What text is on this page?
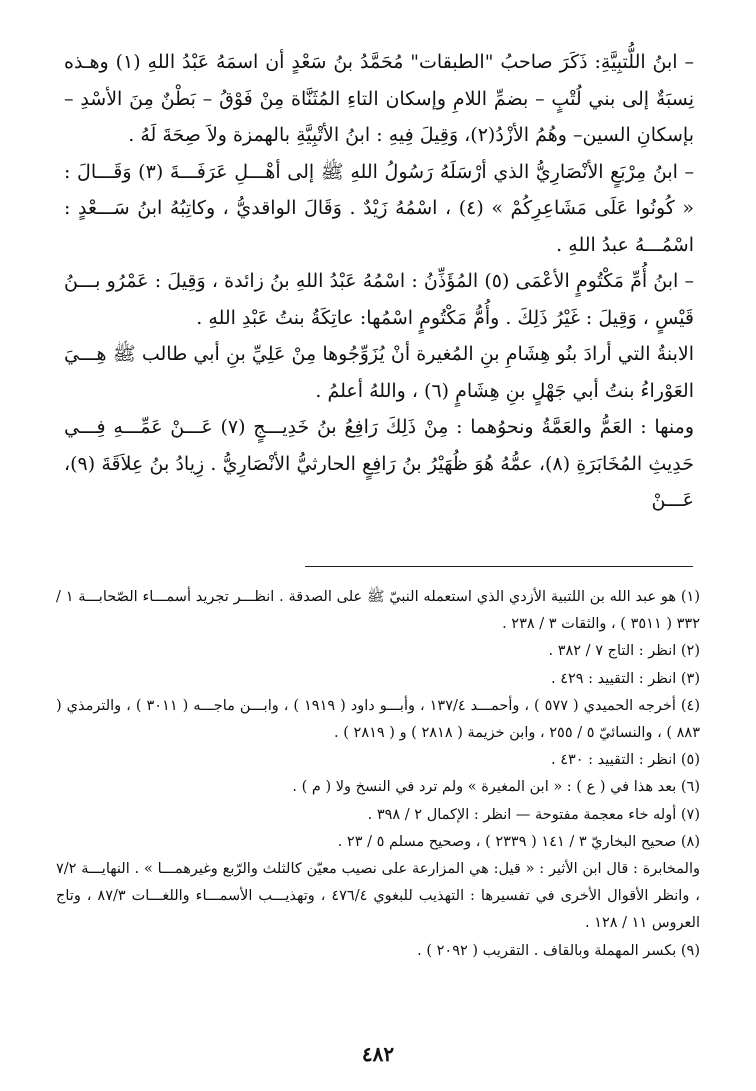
– ابنُ اللُّتبِيَّةِ: ذَكَرَ صاحبُ "الطبقات" مُحَمَّدُ بنُ سَعْدٍ أن اسمَهُ عَبْدُ اللهِ (١) وهـذه نِسبَةٌ إلى بني لُتْبٍ – بضمِّ اللامِ وإسكان التاءِ المُثَنَّاة مِنْ فَوْقُ – بَطْنٌ مِنَ الأسْدِ –بإسكانِ السين– وهُمُ الأزْدُ(٢)، وَقِيلَ فِيهِ : ابنُ الأتْبِيَّةِ بالهمزة ولاَ صِحَةَ لَهُ .

– ابنُ مِرْبَعٍ الأنْصَارِيُّ الذي أرْسَلَهُ رَسُولُ اللهِ ﷺ إلى أهْـــلِ عَرَفَـــةَ (٣) وَقَـــالَ : « كُونُوا عَلَى مَشَاعِرِكُمْ » (٤) ، اسْمُهُ زَيْدٌ . وَقَالَ الواقديُّ ، وكاتِبُهُ ابنُ سَـــعْدٍ : اسْمُـــهُ عبدُ اللهِ .

– ابنُ أُمِّ مَكْتُومٍ الأعْمَى (٥) المُؤَذِّنُ : اسْمُهُ عَبْدُ اللهِ بنُ زائدة ، وَقِيلَ : عَمْرُو بـــنُ قَيْسٍ ، وَقِيلَ : غَيْرُ ذَلِكَ . وأُمُّ مَكْتُومٍ اسْمُها: عاتِكَةُ بنتُ عَبْدِ اللهِ .

الابنةُ التي أرادَ بنُو هِشَامِ بنِ المُغيرة أنْ يُزَوِّجُوها مِنْ عَلِيِّ بنِ أبي طالب ﷺ هِـــيَ العَوْراءُ بنتُ أبي جَهْلٍ بنِ هِشَامٍ (٦) ، واللهُ أعلمُ .

ومنها : العَمُّ والعَمَّةُ ونحوُهما : مِنْ ذَلِكَ رَافِعُ بنُ خَدِيـــجٍ (٧) عَـــنْ عَمِّـــهِ فِـــي حَدِيثِ المُخَابَرَةِ (٨)، عمُّهُ هُوَ ظُهَيْرُ بنُ رَافِعٍ الحارثيُّ الأنْصَارِيُّ . زِيادُ بنُ عِلاَقَةَ (٩)، عَـــنْ

(١) هو عبد الله بن اللتبية الأزدي الذي استعمله النبيّ ﷺ على الصدقة . انظـــر تجريد أسمـــاء الصّحابـــة ١ / ٣٣٢ ( ٣٥١١ ) ، والثقات ٣ / ٢٣٨ .

(٢) انظر : التاج ٧ / ٣٨٢ .

(٣) انظر : التقييد : ٤٢٩ .

(٤) أخرجه الحميدي ( ٥٧٧ ) ، وأحمـــد ١٣٧/٤ ، وأبـــو داود ( ١٩١٩ ) ، وابـــن ماجـــه ( ٣٠١١ ) ، والترمذي ( ٨٨٣ ) ، والنسائيّ ٥ / ٢٥٥ ، وابن خزيمة ( ٢٨١٨ ) و ( ٢٨١٩ ) .

(٥) انظر : التقييد : ٤٣٠ .

(٦) بعد هذا في ( ع ) : « ابن المغيرة » ولم ترد في النسخ ولا ( م ) .

(٧) أوله خاء معجمة مفتوحة — انظر : الإكمال ٢ / ٣٩٨ .

(٨) صحيح البخاريّ ٣ / ١٤١ ( ٢٣٣٩ ) ، وصحيح مسلم ٥ / ٢٣ .

والمخابرة : قال ابن الأثير : « قيل: هي المزارعة على نصيب معيّن كالثلث والرّبع وغيرهمـــا » . النهايـــة ٧/٢ ، وانظر الأقوال الأخرى في تفسيرها : التهذيب للبغوي ٤٧٦/٤ ، وتهذيـــب الأسمـــاء واللغـــات ٨٧/٣ ، وتاج العروس ١١ / ١٢٨ .

(٩) بكسر المهملة وبالقاف . التقريب ( ٢٠٩٢ ) .

٤٨٢
